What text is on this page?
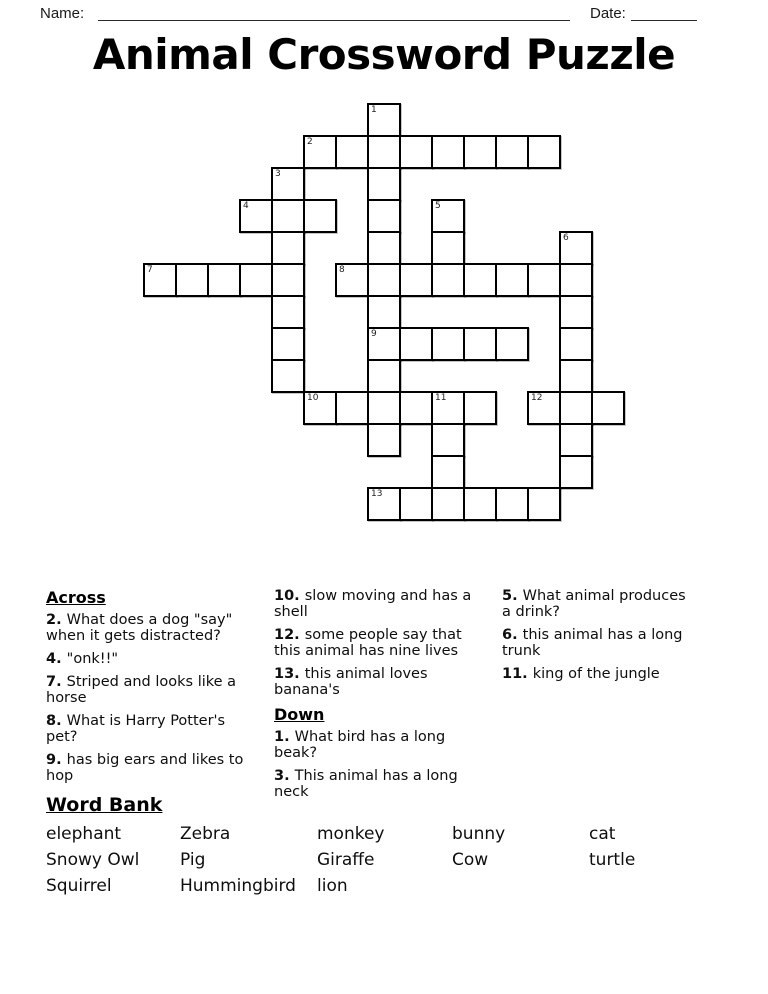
Name:	Date:
Animal Crossword Puzzle
1
2
3
4	5
6
7	8
9
10	11	12
13
Across
2. What does a dog "say" when it gets distracted?
4. "onk!!"
7. Striped and looks like a horse
8. What is Harry Potter's pet?
9. has big ears and likes to hop
10. slow moving and has a shell
12. some people say that this animal has nine lives
13. this animal loves banana's
Down
1. What bird has a long beak?
3. This animal has a long neck
5. What animal produces a drink?
6. this animal has a long trunk
11. king of the jungle
Word Bank
elephant	Zebra	monkey	bunny	cat
Snowy Owl	Pig	Giraffe	Cow	turtle
Squirrel	Hummingbird	lion
